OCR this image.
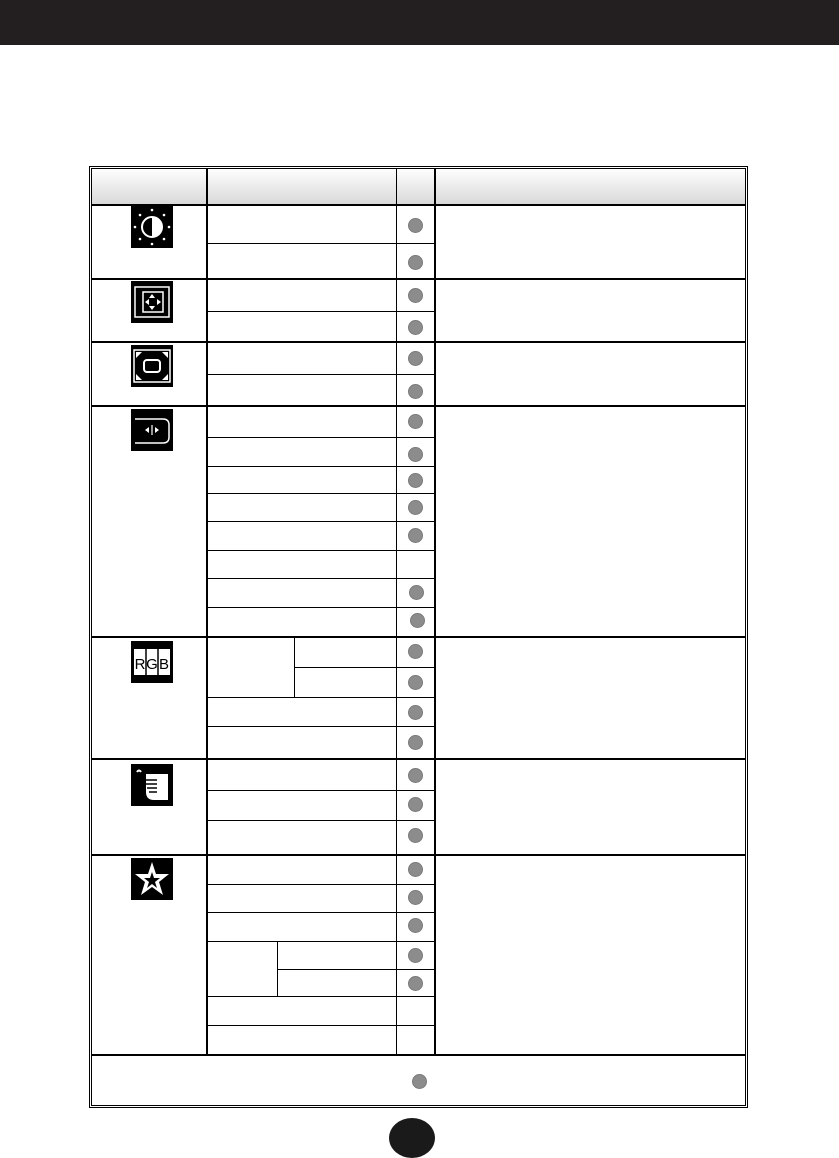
R G B
